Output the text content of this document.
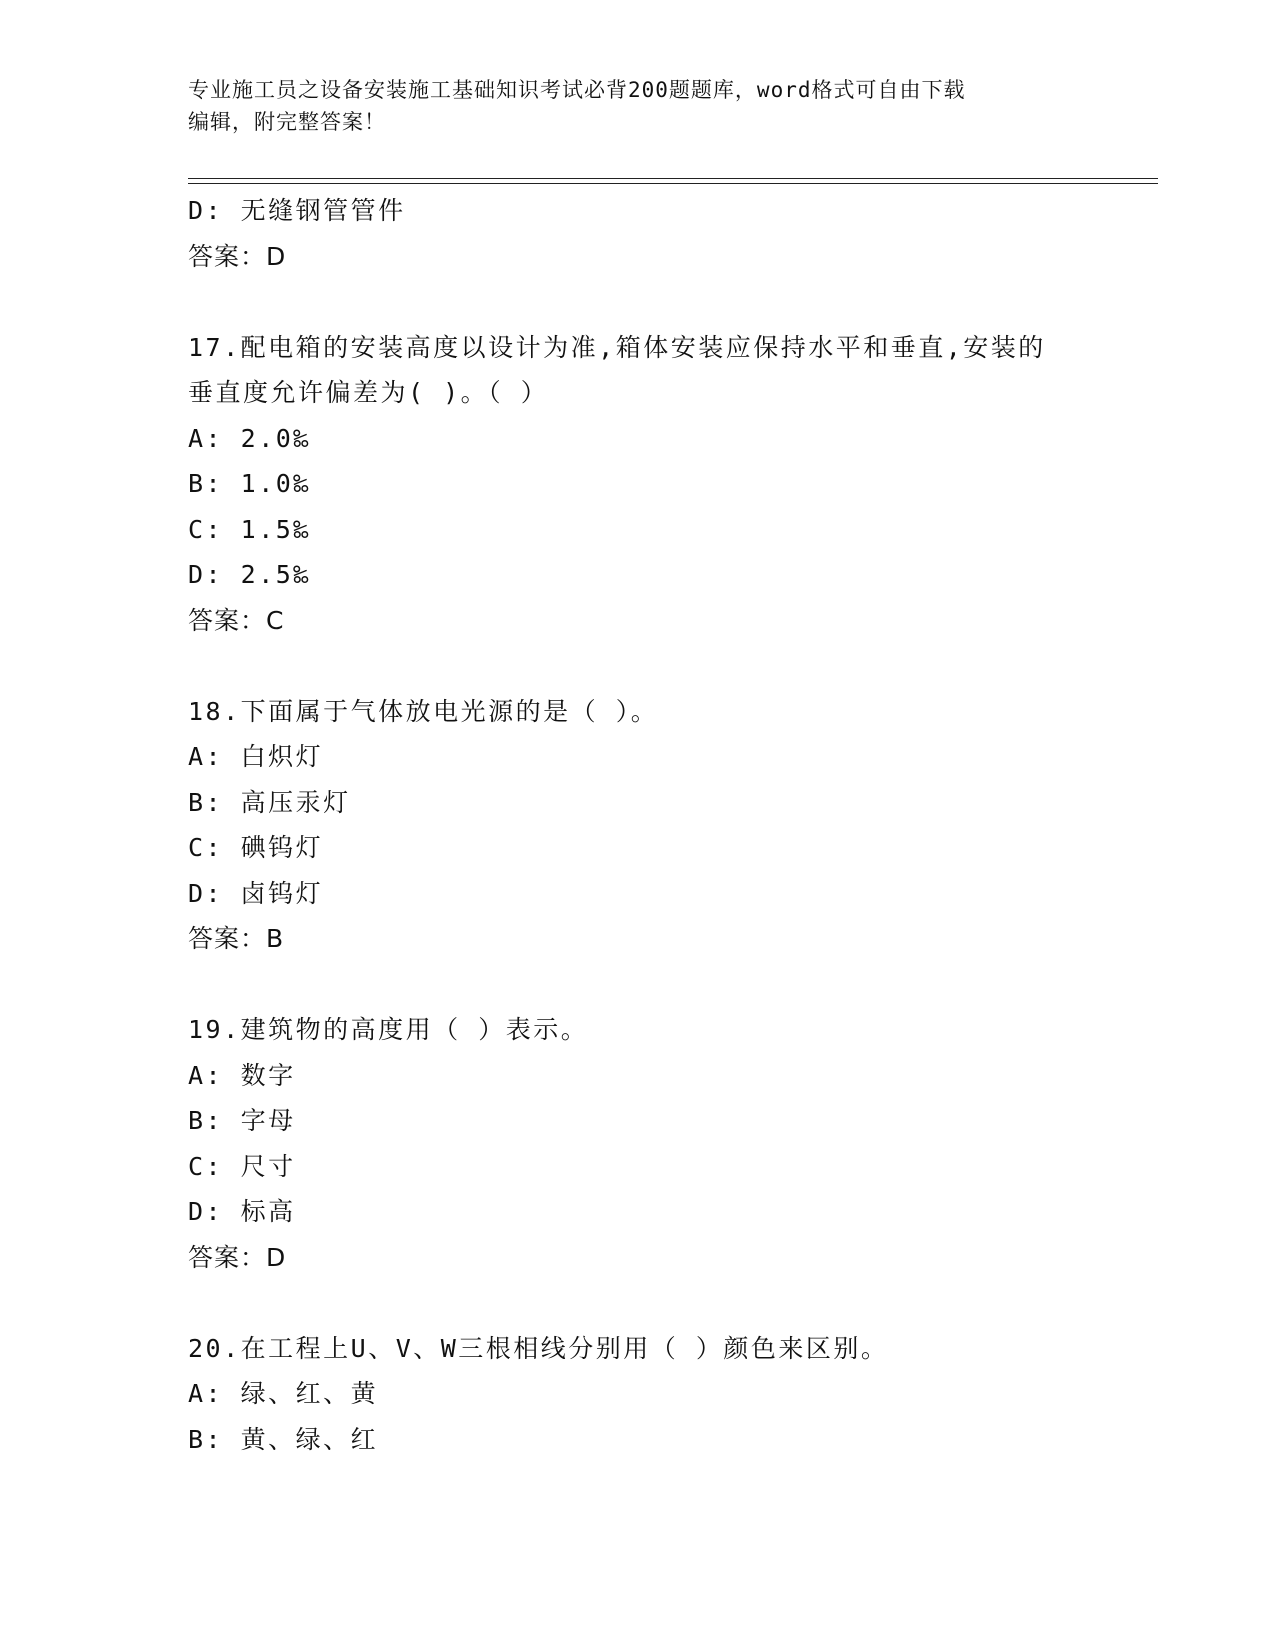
专业施工员之设备安装施工基础知识考试必背200题题库，word格式可自由下载
编辑，附完整答案！
D: 无缝钢管管件
答案：D
17.配电箱的安装高度以设计为准,箱体安装应保持水平和垂直,安装的
垂直度允许偏差为( )。（ ）
A: 2.0‰
B: 1.0‰
C: 1.5‰
D: 2.5‰
答案：C
18.下面属于气体放电光源的是（ ）。
A: 白炽灯
B: 高压汞灯
C: 碘钨灯
D: 卤钨灯
答案：B
19.建筑物的高度用（ ）表示。
A: 数字
B: 字母
C: 尺寸
D: 标高
答案：D
20.在工程上U、V、W三根相线分别用（ ）颜色来区别。
A: 绿、红、黄
B: 黄、绿、红
